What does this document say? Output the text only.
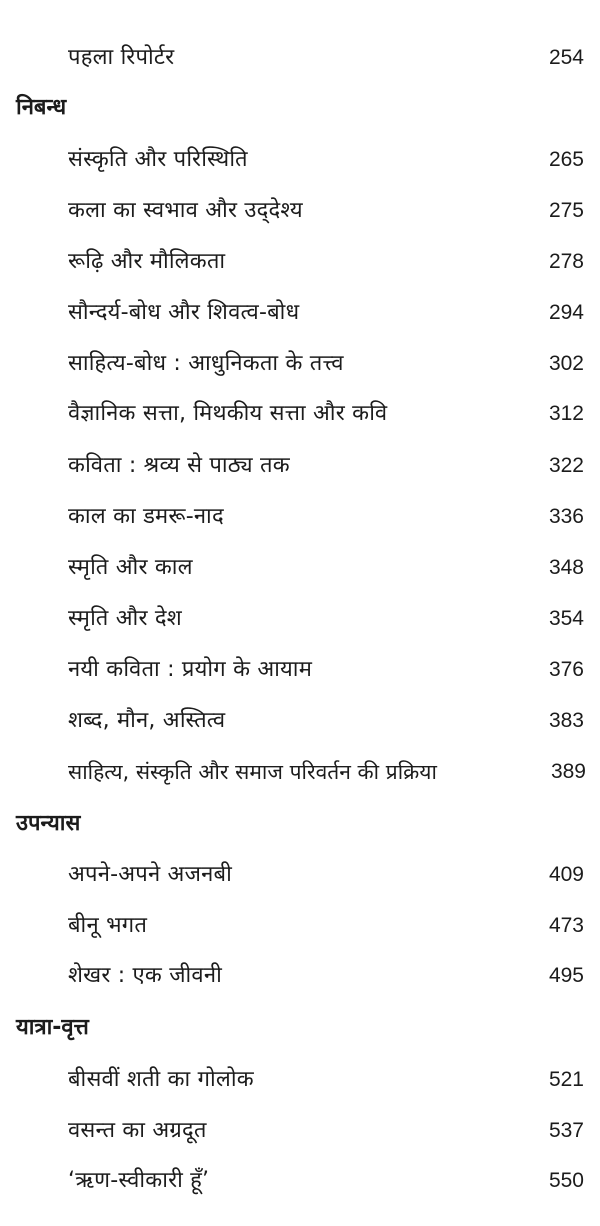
पहला रिपोर्टर	254
निबन्ध
संस्कृति और परिस्थिति	265
कला का स्वभाव और उद्‌देश्य	275
रूढ़ि और मौलिकता	278
सौन्दर्य-बोध और शिवत्व-बोध	294
साहित्य-बोध : आधुनिकता के तत्त्व	302
वैज्ञानिक सत्ता, मिथकीय सत्ता और कवि	312
कविता : श्रव्य से पाठ्य तक	322
काल का डमरू-नाद	336
स्मृति और काल	348
स्मृति और देश	354
नयी कविता : प्रयोग के आयाम	376
शब्द, मौन, अस्तित्व	383
साहित्य, संस्कृति और समाज परिवर्तन की प्रक्रिया	389
उपन्यास
अपने-अपने अजनबी	409
बीनू भगत	473
शेखर : एक जीवनी	495
यात्रा-वृत्त
बीसवीं शती का गोलोक	521
वसन्त का अग्रदूत	537
‘ऋण-स्वीकारी हूँ’	550
